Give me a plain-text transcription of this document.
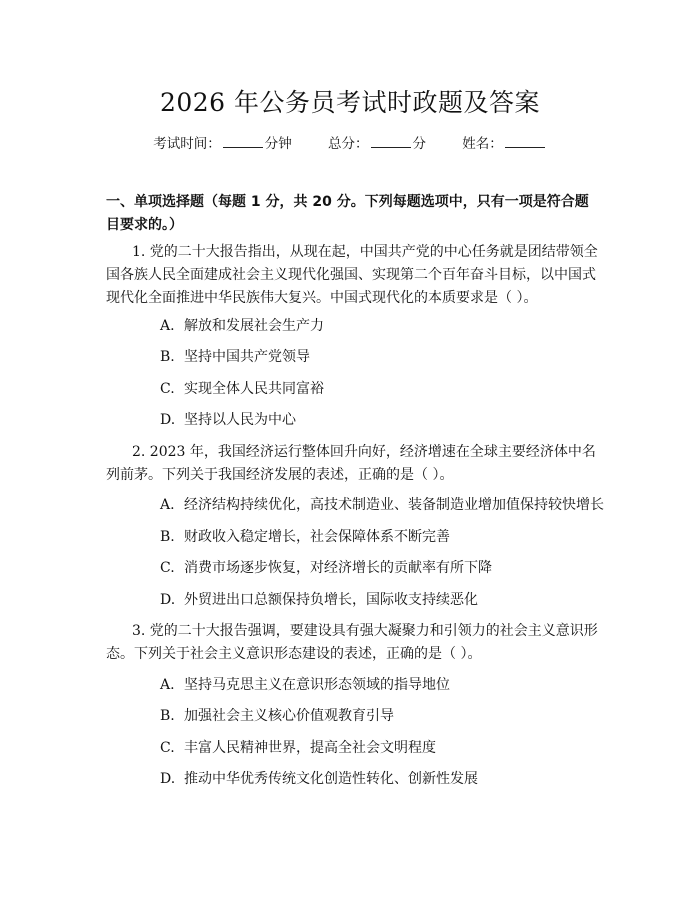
2026 年公务员考试时政题及答案
考试时间：	分钟	总分：	分	姓名：
一、单项选择题（每题 1 分，共 20 分。下列每题选项中，只有一项是符合题目要求的。）
1. 党的二十大报告指出，从现在起，中国共产党的中心任务就是团结带领全国各族人民全面建成社会主义现代化强国、实现第二个百年奋斗目标，以中国式现代化全面推进中华民族伟大复兴。中国式现代化的本质要求是（ ）。
A. 解放和发展社会生产力
B. 坚持中国共产党领导
C. 实现全体人民共同富裕
D. 坚持以人民为中心
2. 2023 年，我国经济运行整体回升向好，经济增速在全球主要经济体中名列前茅。下列关于我国经济发展的表述，正确的是（ ）。
A. 经济结构持续优化，高技术制造业、装备制造业增加值保持较快增长
B. 财政收入稳定增长，社会保障体系不断完善
C. 消费市场逐步恢复，对经济增长的贡献率有所下降
D. 外贸进出口总额保持负增长，国际收支持续恶化
3. 党的二十大报告强调，要建设具有强大凝聚力和引领力的社会主义意识形态。下列关于社会主义意识形态建设的表述，正确的是（ ）。
A. 坚持马克思主义在意识形态领域的指导地位
B. 加强社会主义核心价值观教育引导
C. 丰富人民精神世界，提高全社会文明程度
D. 推动中华优秀传统文化创造性转化、创新性发展
